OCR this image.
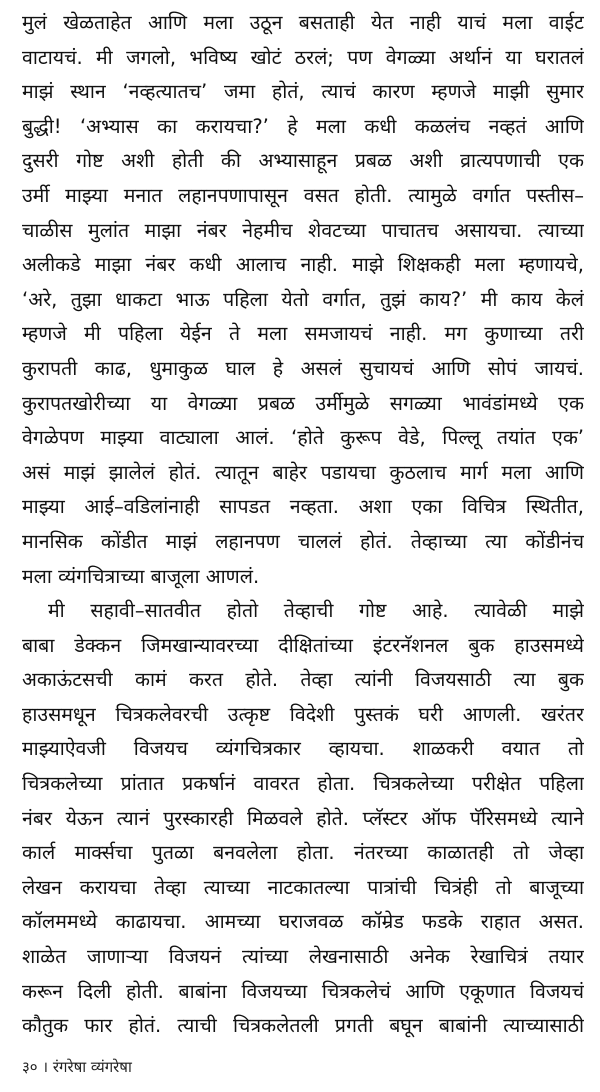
मुलं खेळताहेत आणि मला उठून बसताही येत नाही याचं मला वाईट
वाटायचं. मी जगलो, भविष्य खोटं ठरलं; पण वेगळ्या अर्थानं या घरातलं
माझं स्थान ‘नव्हत्यातच’ जमा होतं, त्याचं कारण म्हणजे माझी सुमार
बुद्धी! ‘अभ्यास का करायचा?’ हे मला कधी कळलंच नव्हतं आणि
दुसरी गोष्ट अशी होती की अभ्यासाहून प्रबळ अशी व्रात्यपणाची एक
उर्मी माझ्या मनात लहानपणापासून वसत होती. त्यामुळे वर्गात पस्तीस–
चाळीस मुलांत माझा नंबर नेहमीच शेवटच्या पाचातच असायचा. त्याच्या
अलीकडे माझा नंबर कधी आलाच नाही. माझे शिक्षकही मला म्हणायचे,
‘अरे, तुझा धाकटा भाऊ पहिला येतो वर्गात, तुझं काय?’ मी काय केलं
म्हणजे मी पहिला येईन ते मला समजायचं नाही. मग कुणाच्या तरी
कुरापती काढ, धुमाकुळ घाल हे असलं सुचायचं आणि सोपं जायचं.
कुरापतखोरीच्या या वेगळ्या प्रबळ उर्मीमुळे सगळ्या भावंडांमध्ये एक
वेगळेपण माझ्या वाट्याला आलं. ‘होते कुरूप वेडे, पिल्लू तयांत एक’
असं माझं झालेलं होतं. त्यातून बाहेर पडायचा कुठलाच मार्ग मला आणि
माझ्या आई–वडिलांनाही सापडत नव्हता. अशा एका विचित्र स्थितीत,
मानसिक कोंडीत माझं लहानपण चाललं होतं. तेव्हाच्या त्या कोंडीनंच
मला व्यंगचित्राच्या बाजूला आणलं.
मी सहावी–सातवीत होतो तेव्हाची गोष्ट आहे. त्यावेळी माझे
बाबा डेक्कन जिमखान्यावरच्या दीक्षितांच्या इंटरनॅशनल बुक हाउसमध्ये
अकाऊंटसची कामं करत होते. तेव्हा त्यांनी विजयसाठी त्या बुक
हाउसमधून चित्रकलेवरची उत्कृष्ट विदेशी पुस्तकं घरी आणली. खरंतर
माझ्याऐवजी विजयच व्यंगचित्रकार व्हायचा. शाळकरी वयात तो
चित्रकलेच्या प्रांतात प्रकर्षानं वावरत होता. चित्रकलेच्या परीक्षेत पहिला
नंबर येऊन त्यानं पुरस्कारही मिळवले होते. प्लॅस्टर ऑफ पॅरिसमध्ये त्याने
कार्ल मार्क्सचा पुतळा बनवलेला होता. नंतरच्या काळातही तो जेव्हा
लेखन करायचा तेव्हा त्याच्या नाटकातल्या पात्रांची चित्रंही तो बाजूच्या
कॉलममध्ये काढायचा. आमच्या घराजवळ कॉम्रेड फडके राहात असत.
शाळेत जाणाऱ्या विजयनं त्यांच्या लेखनासाठी अनेक रेखाचित्रं तयार
करून दिली होती. बाबांना विजयच्या चित्रकलेचं आणि एकूणात विजयचं
कौतुक फार होतं. त्याची चित्रकलेतली प्रगती बघून बाबांनी त्याच्यासाठी
३० । रंगरेषा व्यंगरेषा
